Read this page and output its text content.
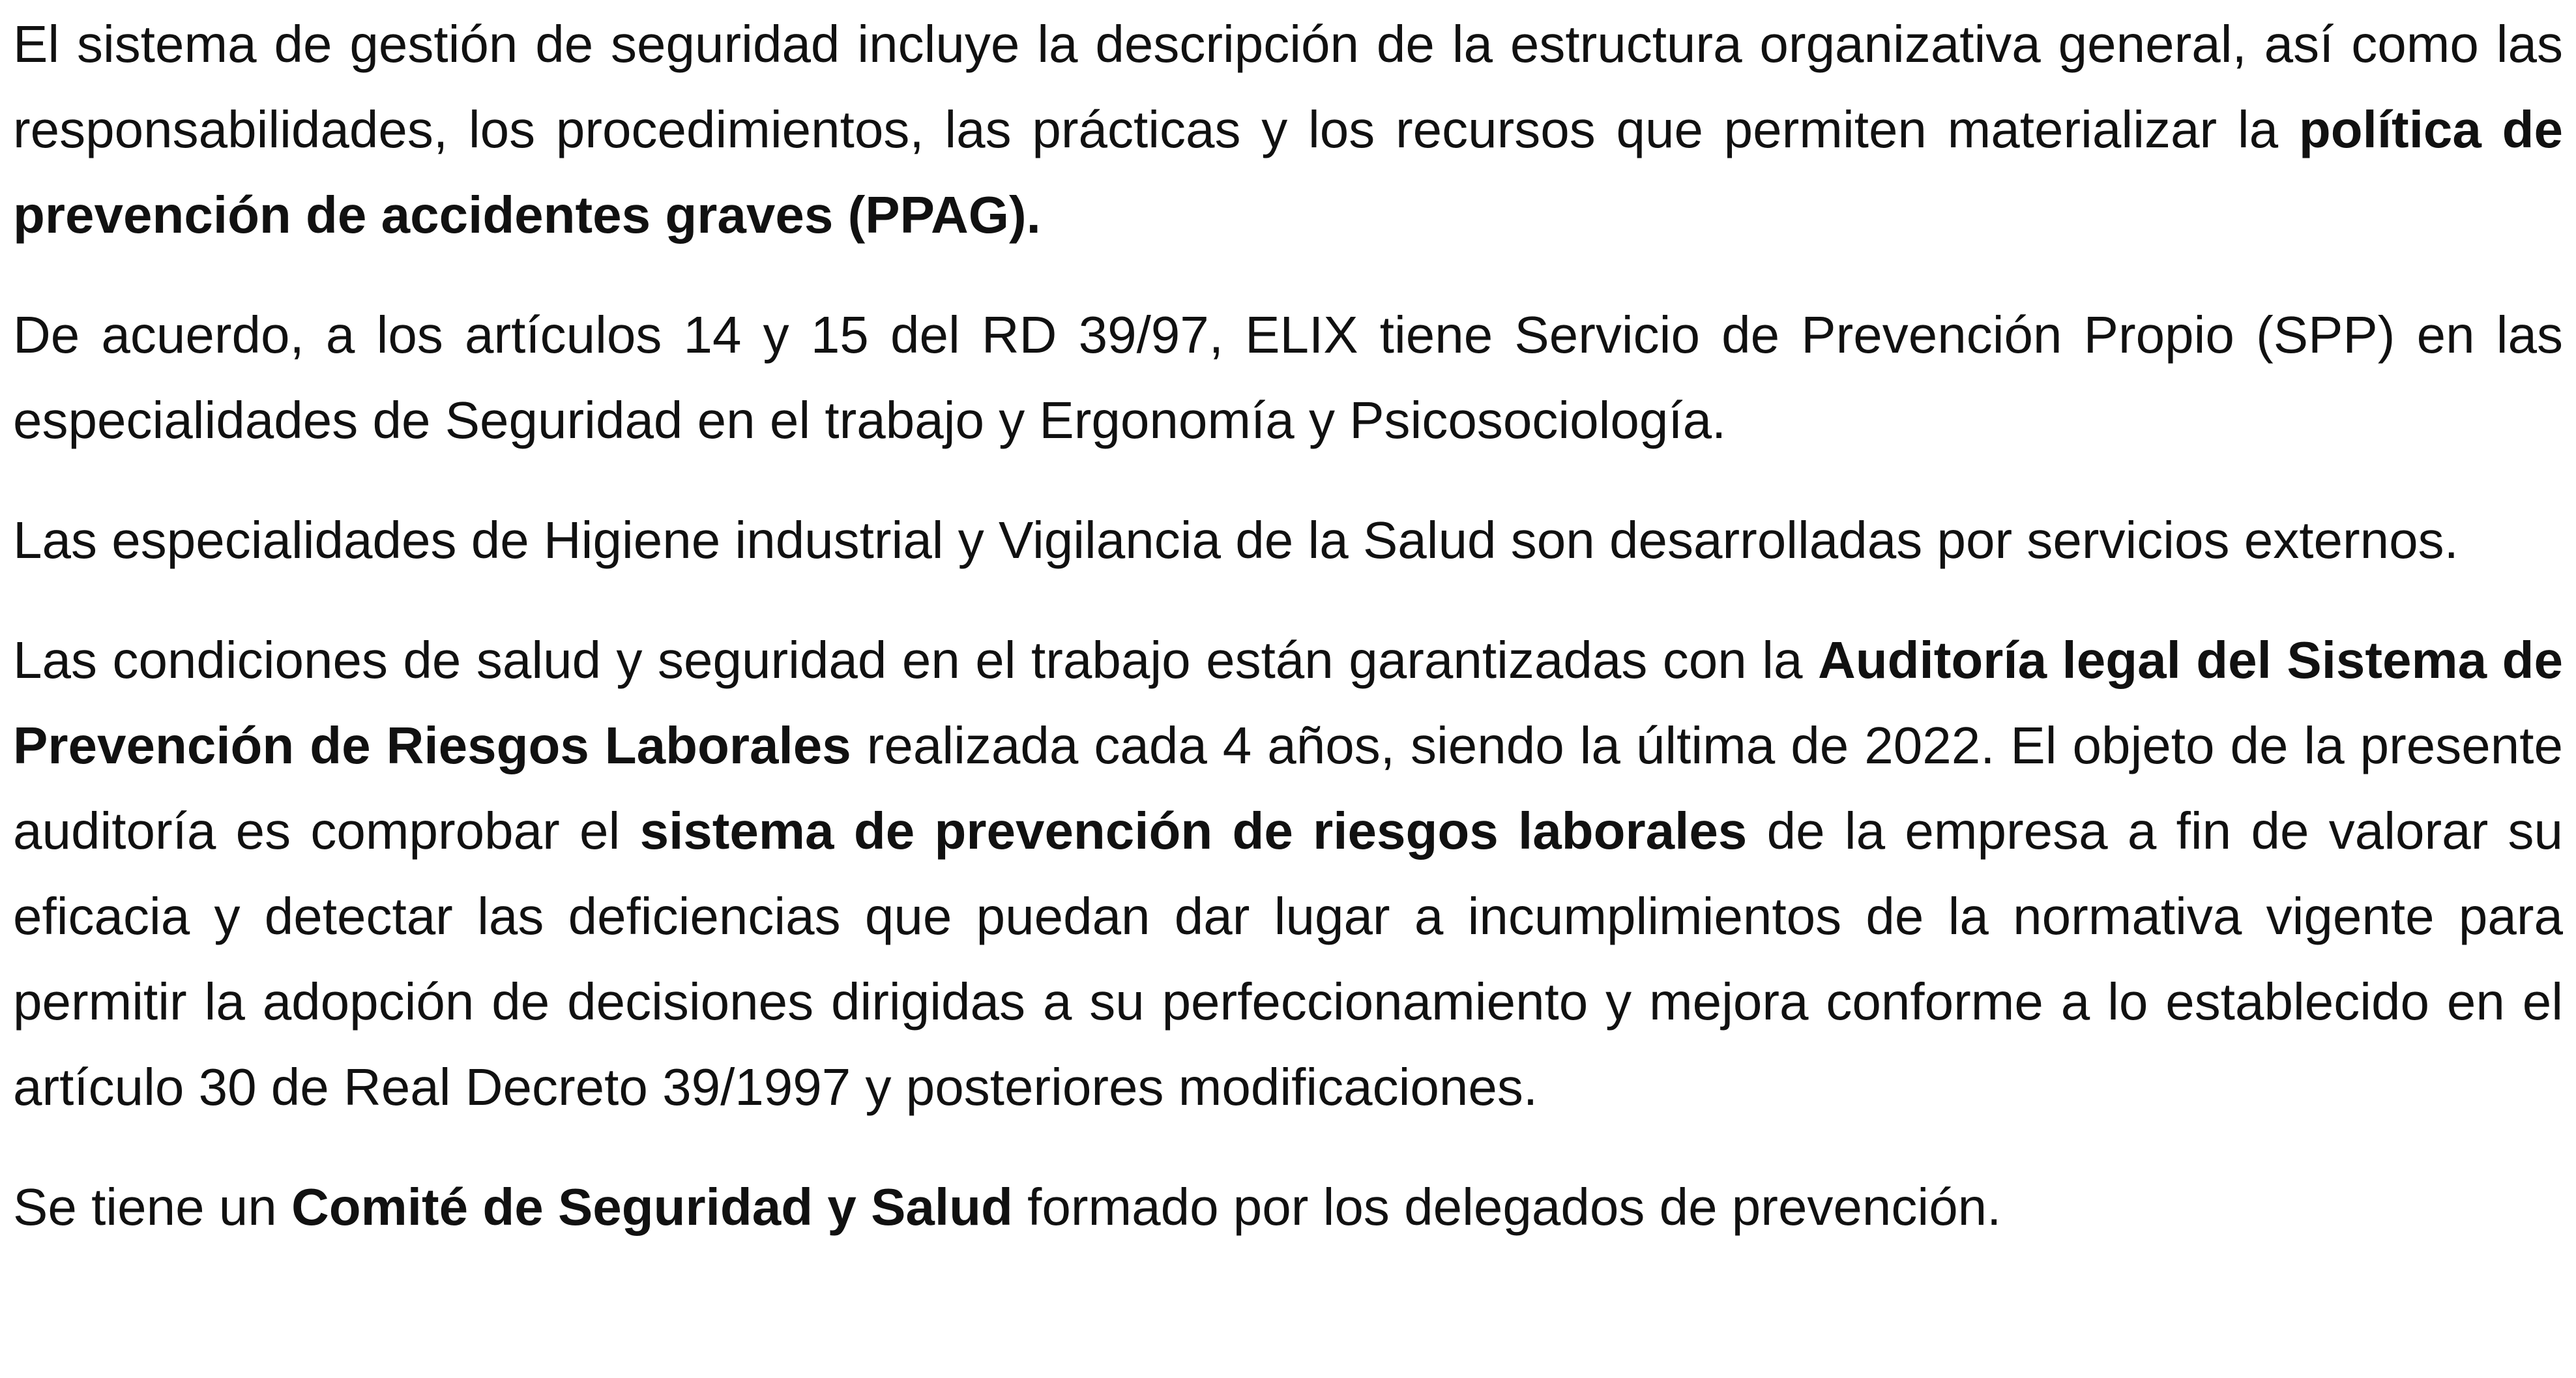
El sistema de gestión de seguridad incluye la descripción de la estructura organizativa general, así como las responsabilidades, los procedimientos, las prácticas y los recursos que permiten materializar la política de prevención de accidentes graves (PPAG).

De acuerdo, a los artículos 14 y 15 del RD 39/97, ELIX tiene Servicio de Prevención Propio (SPP) en las especialidades de Seguridad en el trabajo y Ergonomía y Psicosociología.

Las especialidades de Higiene industrial y Vigilancia de la Salud son desarrolladas por servicios externos.

Las condiciones de salud y seguridad en el trabajo están garantizadas con la Auditoría legal del Sistema de Prevención de Riesgos Laborales realizada cada 4 años, siendo la última de 2022. El objeto de la presente auditoría es comprobar el sistema de prevención de riesgos laborales de la empresa a fin de valorar su eficacia y detectar las deficiencias que puedan dar lugar a incumplimientos de la normativa vigente para permitir la adopción de decisiones dirigidas a su perfeccionamiento y mejora conforme a lo establecido en el artículo 30 de Real Decreto 39/1997 y posteriores modificaciones.

Se tiene un Comité de Seguridad y Salud formado por los delegados de prevención.
